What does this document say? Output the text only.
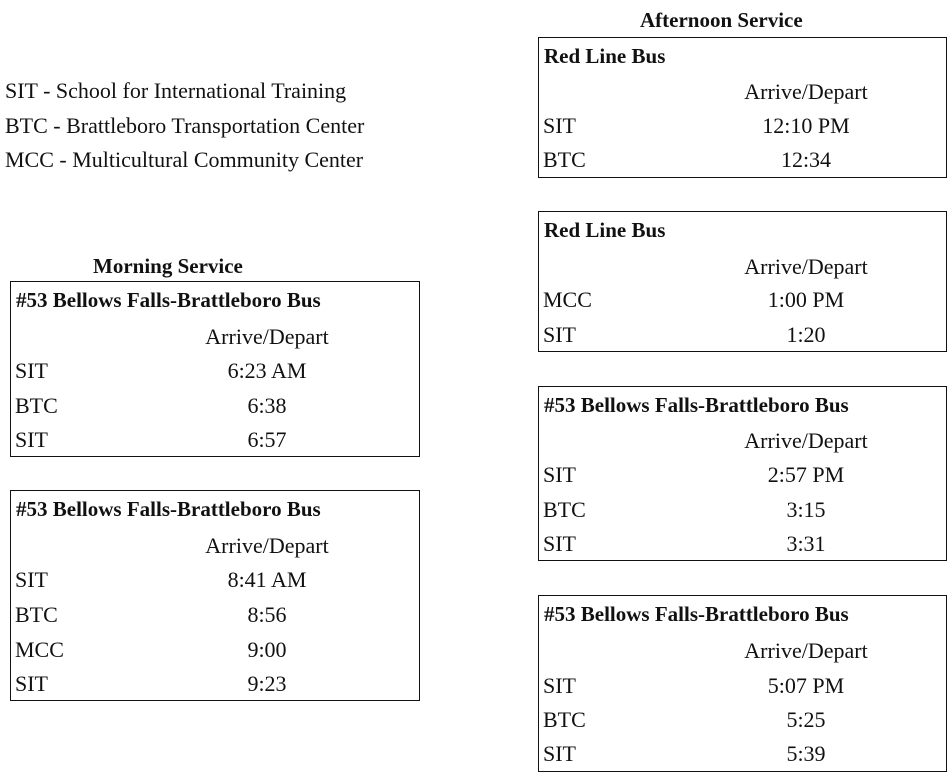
SIT - School for International Training
BTC - Brattleboro Transportation Center
MCC - Multicultural Community Center
Morning Service
#53 Bellows Falls-Brattleboro Bus
Arrive/Depart
SIT	6:23 AM
BTC	6:38
SIT	6:57
#53 Bellows Falls-Brattleboro Bus
Arrive/Depart
SIT	8:41 AM
BTC	8:56
MCC	9:00
SIT	9:23
Afternoon Service
Red Line Bus
Arrive/Depart
SIT	12:10 PM
BTC	12:34
Red Line Bus
Arrive/Depart
MCC	1:00 PM
SIT	1:20
#53 Bellows Falls-Brattleboro Bus
Arrive/Depart
SIT	2:57 PM
BTC	3:15
SIT	3:31
#53 Bellows Falls-Brattleboro Bus
Arrive/Depart
SIT	5:07 PM
BTC	5:25
SIT	5:39
